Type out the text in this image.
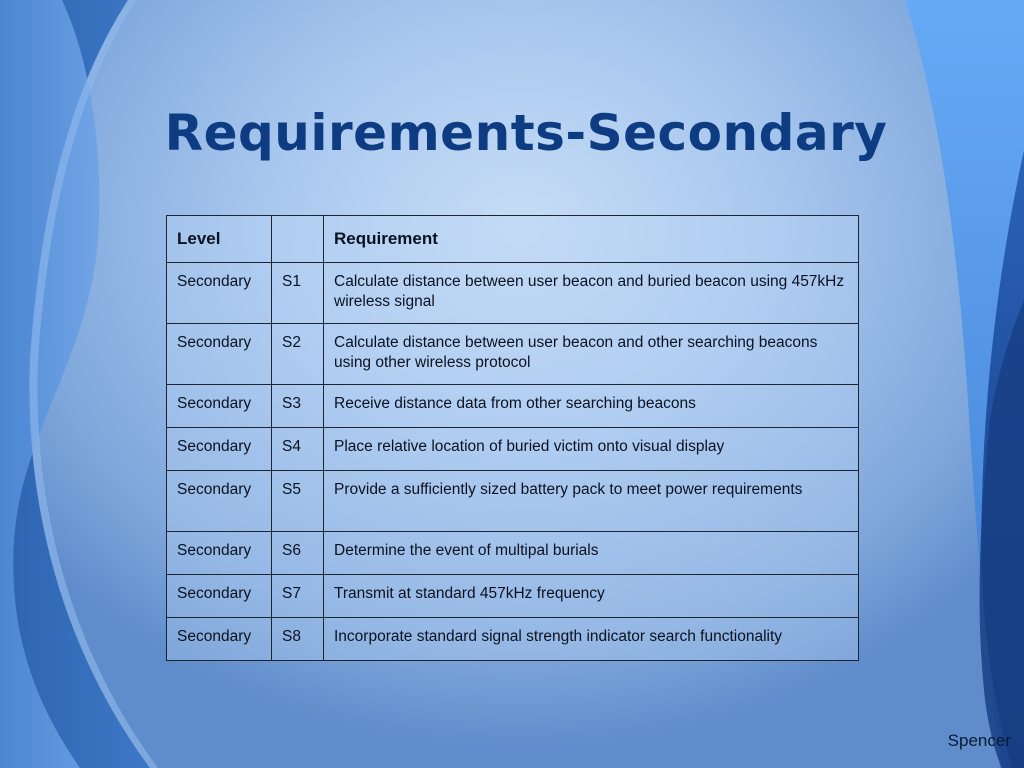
Requirements-Secondary
Level		Requirement
Secondary	S1	Calculate distance between user beacon and buried beacon using 457kHz wireless signal
Secondary	S2	Calculate distance between user beacon and other searching beacons using other wireless protocol
Secondary	S3	Receive distance data from other searching beacons
Secondary	S4	Place relative location of buried victim onto visual display
Secondary	S5	Provide a sufficiently sized battery pack to meet power requirements
Secondary	S6	Determine the event of multipal burials
Secondary	S7	Transmit at standard 457kHz frequency
Secondary	S8	Incorporate standard signal strength indicator search functionality
Spencer
